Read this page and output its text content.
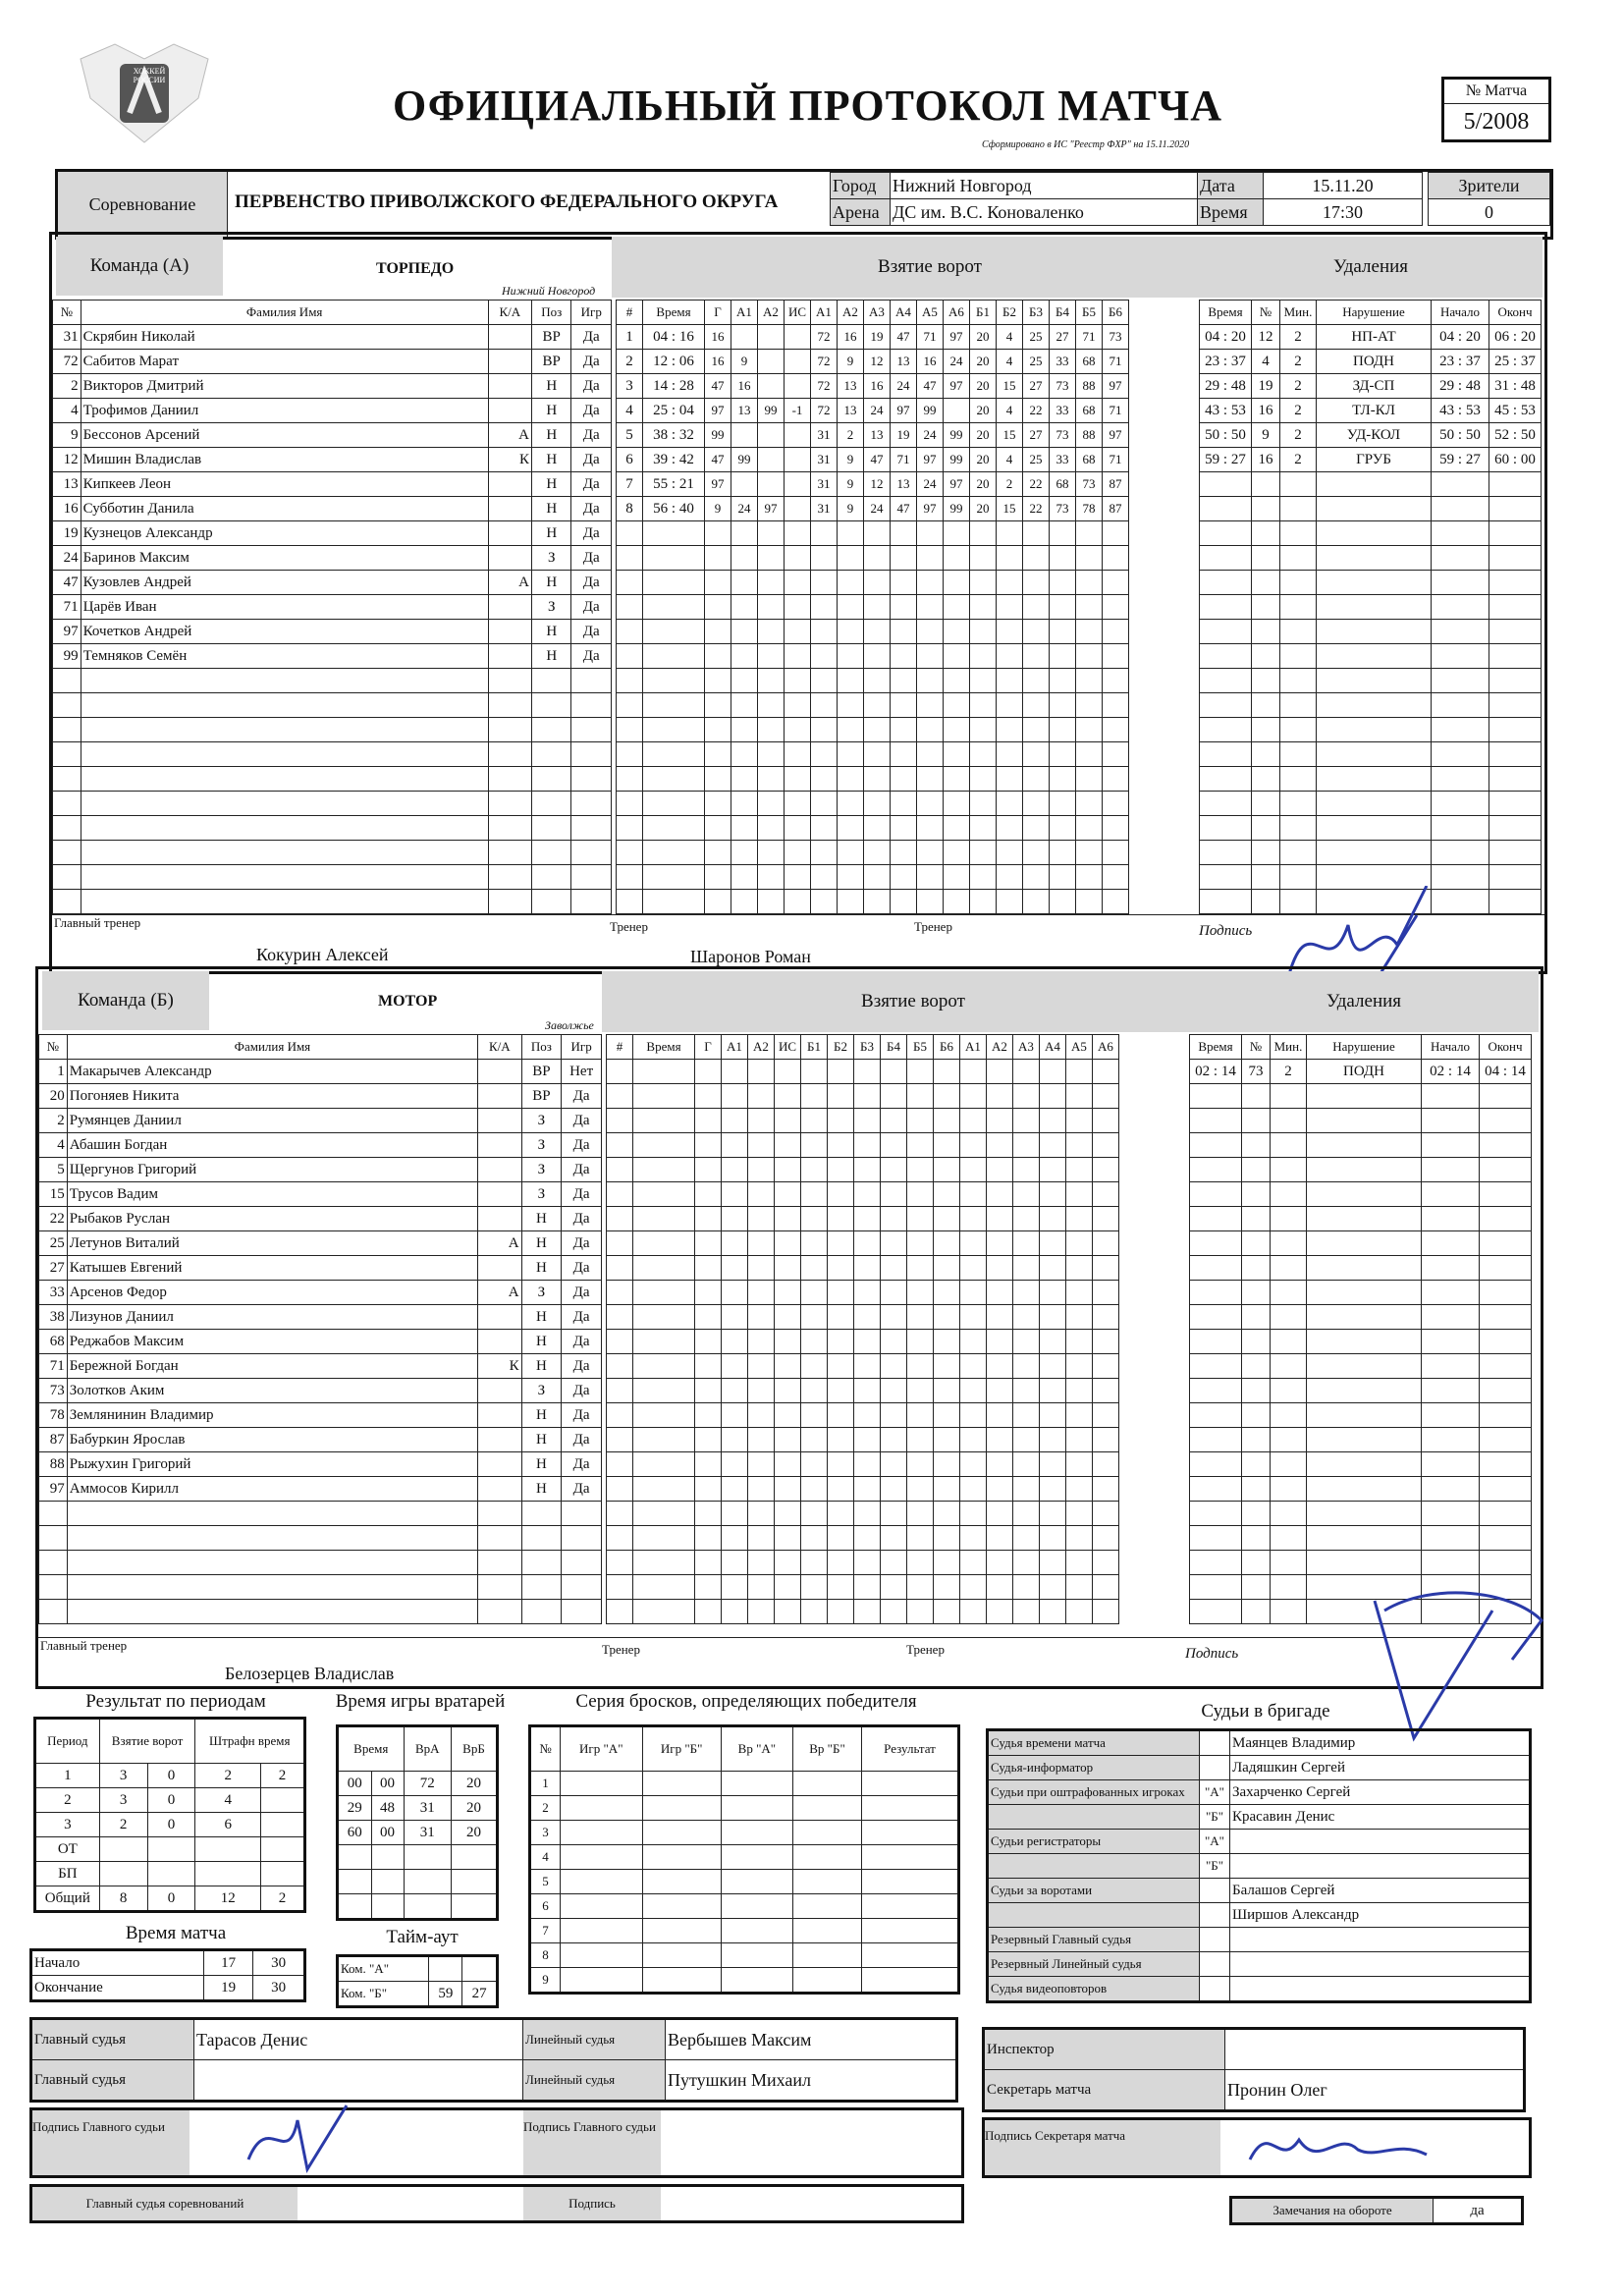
ХОККЕЙ РОССИИ
ОФИЦИАЛЬНЫЙ ПРОТОКОЛ МАТЧА
Сформировано в ИС "Реестр ФХР" на 15.11.2020
№ Матча
5/2008
Соревнование	ПЕРВЕНСТВО ПРИВОЛЖСКОГО ФЕДЕРАЛЬНОГО ОКРУГА
Город	Нижний Новгород
Арена	ДС им. В.С. Коноваленко
Дата	15.11.20
Время	17:30
Зрители
0
Команда (А)	ТОРПЕДО
Нижний Новгород
Взятие ворот	Удаления
№	Фамилия Имя	К/А	Поз	Игр
31	Скрябин Николай		ВР	Да
72	Сабитов Марат		ВР	Да
2	Викторов Дмитрий		Н	Да
4	Трофимов Даниил		Н	Да
9	Бессонов Арсений	А	Н	Да
12	Мишин Владислав	К	Н	Да
13	Кипкеев Леон		Н	Да
16	Субботин Данила		Н	Да
19	Кузнецов Александр		Н	Да
24	Баринов Максим		З	Да
47	Кузовлев Андрей	А	Н	Да
71	Царёв Иван		З	Да
97	Кочетков Андрей		Н	Да
99	Темняков Семён		Н	Да

#	Время	Г	А1	А2	ИС	А1	А2	А3	А4	А5	А6	Б1	Б2	Б3	Б4	Б5	Б6
1	04 : 16	16				72	16	19	47	71	97	20	4	25	27	71	73
2	12 : 06	16	9			72	9	12	13	16	24	20	4	25	33	68	71
3	14 : 28	47	16			72	13	16	24	47	97	20	15	27	73	88	97
4	25 : 04	97	13	99	-1	72	13	24	97	99		20	4	22	33	68	71
5	38 : 32	99				31	2	13	19	24	99	20	15	27	73	88	97
6	39 : 42	47	99			31	9	47	71	97	99	20	4	25	33	68	71
7	55 : 21	97				31	9	12	13	24	97	20	2	22	68	73	87
8	56 : 40	9	24	97		31	9	24	47	97	99	20	15	22	73	78	87

Время	№	Мин.	Нарушение	Начало	Оконч
04 : 20	12	2	НП-АТ	04 : 20	06 : 20
23 : 37	4	2	ПОДН	23 : 37	25 : 37
29 : 48	19	2	ЗД-СП	29 : 48	31 : 48
43 : 53	16	2	ТЛ-КЛ	43 : 53	45 : 53
50 : 50	9	2	УД-КОЛ	50 : 50	52 : 50
59 : 27	16	2	ГРУБ	59 : 27	60 : 00

Главный тренер
Кокурин Алексей
Тренер
Шаронов Роман
Тренер	Подпись
Команда (Б)	МОТОР
Заволжье
Взятие ворот	Удаления
№	Фамилия Имя	К/А	Поз	Игр
1	Макарычев Александр		ВР	Нет
20	Погоняев Никита		ВР	Да
2	Румянцев Даниил		З	Да
4	Абашин Богдан		З	Да
5	Щергунов Григорий		З	Да
15	Трусов Вадим		З	Да
22	Рыбаков Руслан		Н	Да
25	Летунов Виталий	А	Н	Да
27	Катышев Евгений		Н	Да
33	Арсенов Федор	А	З	Да
38	Лизунов Даниил		Н	Да
68	Реджабов Максим		Н	Да
71	Бережной Богдан	К	Н	Да
73	Золотков Аким		З	Да
78	Землянинин Владимир		Н	Да
87	Бабуркин Ярослав		Н	Да
88	Рыжухин Григорий		Н	Да
97	Аммосов Кирилл		Н	Да

#	Время	Г	А1	А2	ИС	Б1	Б2	Б3	Б4	Б5	Б6	А1	А2	А3	А4	А5	А6

																		Время	№	Мин.	Нарушение	Начало	Оконч
02 : 14	73	2	ПОДН	02 : 14	04 : 14

Главный тренер
Белозерцев Владислав
Тренер	Тренер	Подпись
Результат по периодам
Период	Взятие ворот		Штрафн время	
1	3	0	2	2
2	3	0	4	
3	2	0	6	
ОТ				
БП				
Общий	8	0	12	2
Время матча
Начало	17	30
Окончание	19	30
Время игры вратарей
Время		ВрА	ВрБ
00	00	72	20
29	48	31	20
60	00	31	20

Тайм-аут
Ком. "А"		
Ком. "Б"	59	27
Серия бросков, определяющих победителя
№	Игр "А"	Игр "Б"	Вр "А"	Вр "Б"	Результат
1					
2					
3					
4					
5					
6					
7					
8					
9					
Судьи в бригаде
Судья времени матча		Маянцев Владимир
Судья-информатор		Ладяшкин Сергей
Судьи при оштрафованных игроках	"А"	Захарченко Сергей
	"Б"	Красавин Денис
Судьи регистраторы	"А"	
	"Б"	
Судьи за воротами		Балашов Сергей
		Ширшов Александр
Резервный Главный судья		
Резервный Линейный судья		
Судья видеоповторов		
Главный судья	Тарасов Денис	Линейный судья	Вербышев Максим
Главный судья		Линейный судья	Путушкин Михаил
Инспектор	
Секретарь матча	Пронин Олег
Подпись Главного судьи	Подпись Главного судьи
Подпись Секретаря матча
Главный судья соревнований	Подпись	Замечания на обороте	да
